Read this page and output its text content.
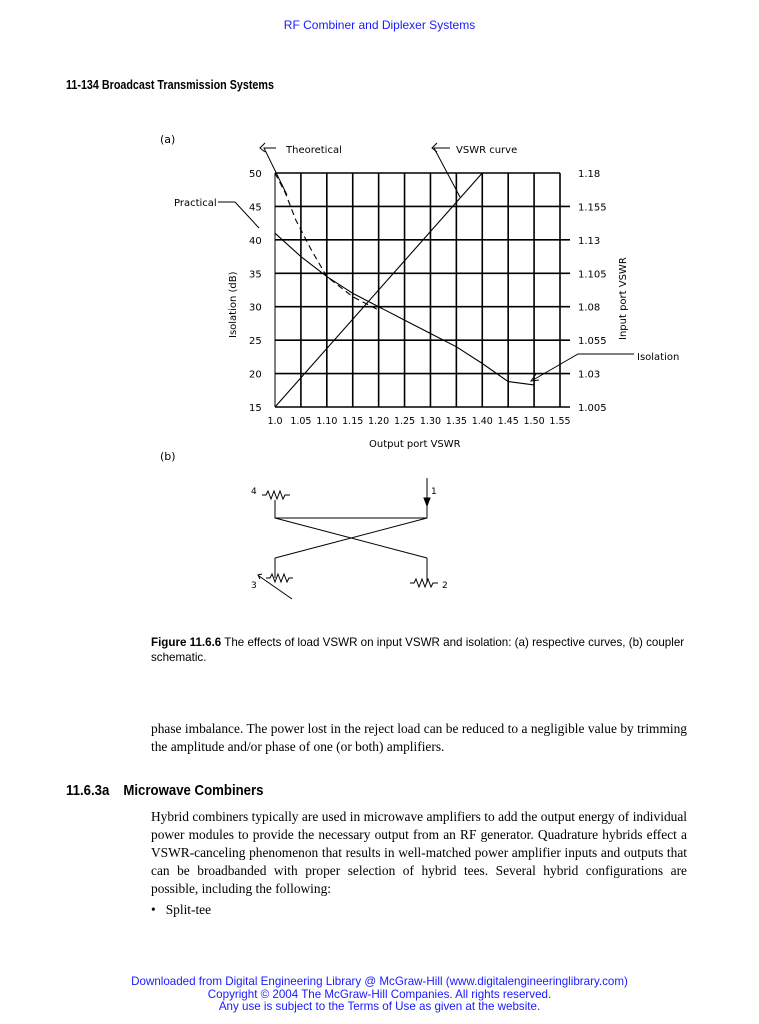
RF Combiner and Diplexer Systems
11-134 Broadcast Transmission Systems
(a)
(b)
1.0 1.05 1.10 1.15 1.20 1.25 1.30 1.35 1.40 1.45 1.50 1.55
15	1.005
20	1.03
25	1.055
30	1.08
35	1.105
40	1.13
45	1.155
50	1.18
Theoretical	VSWR curve
Practical
Isolation
Output port VSWR
Isolation (dB)	Input port VSWR
4	1
3	2
Figure 11.6.6 The effects of load VSWR on input VSWR and isolation: (a) respective curves, (b) coupler schematic.
phase imbalance. The power lost in the reject load can be reduced to a negligible value by trimming the amplitude and/or phase of one (or both) amplifiers.
11.6.3a Microwave Combiners
Hybrid combiners typically are used in microwave amplifiers to add the output energy of individual power modules to provide the necessary output from an RF generator. Quadrature hybrids effect a VSWR-canceling phenomenon that results in well-matched power amplifier inputs and outputs that can be broadbanded with proper selection of hybrid tees. Several hybrid configurations are possible, including the following:
• Split-tee
Downloaded from Digital Engineering Library @ McGraw-Hill (www.digitalengineeringlibrary.com)
Copyright © 2004 The McGraw-Hill Companies. All rights reserved.
Any use is subject to the Terms of Use as given at the website.
